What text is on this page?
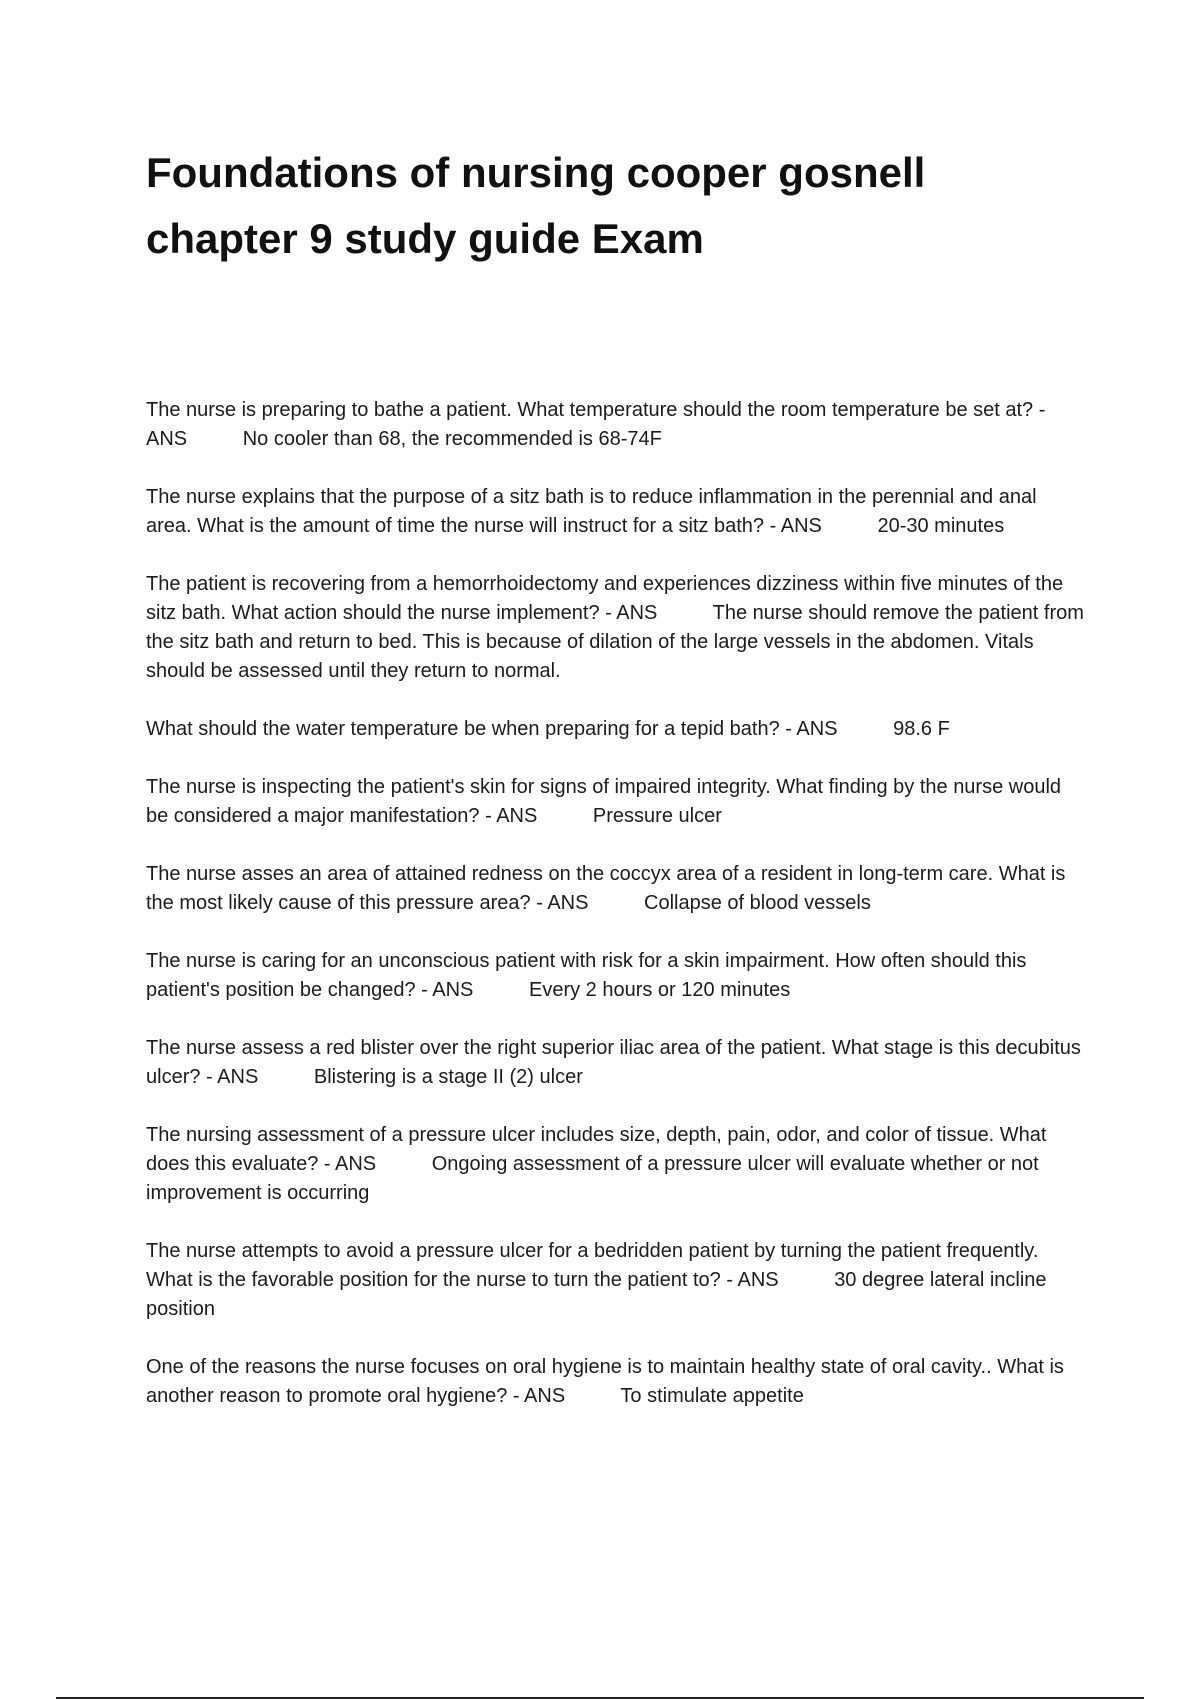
Foundations of nursing cooper gosnell chapter 9 study guide Exam

The nurse is preparing to bathe a patient. What temperature should the room temperature be set at? - ANS	No cooler than 68, the recommended is 68-74F

The nurse explains that the purpose of a sitz bath is to reduce inflammation in the perennial and anal area. What is the amount of time the nurse will instruct for a sitz bath? - ANS	20-30 minutes

The patient is recovering from a hemorrhoidectomy and experiences dizziness within five minutes of the sitz bath. What action should the nurse implement? - ANS	The nurse should remove the patient from the sitz bath and return to bed. This is because of dilation of the large vessels in the abdomen. Vitals should be assessed until they return to normal.

What should the water temperature be when preparing for a tepid bath? - ANS	98.6 F

The nurse is inspecting the patient's skin for signs of impaired integrity. What finding by the nurse would be considered a major manifestation? - ANS	Pressure ulcer

The nurse asses an area of attained redness on the coccyx area of a resident in long-term care. What is the most likely cause of this pressure area? - ANS	Collapse of blood vessels

The nurse is caring for an unconscious patient with risk for a skin impairment. How often should this patient's position be changed? - ANS	Every 2 hours or 120 minutes

The nurse assess a red blister over the right superior iliac area of the patient. What stage is this decubitus ulcer? - ANS	Blistering is a stage II (2) ulcer

The nursing assessment of a pressure ulcer includes size, depth, pain, odor, and color of tissue. What does this evaluate? - ANS	Ongoing assessment of a pressure ulcer will evaluate whether or not improvement is occurring

The nurse attempts to avoid a pressure ulcer for a bedridden patient by turning the patient frequently. What is the favorable position for the nurse to turn the patient to? - ANS	30 degree lateral incline position

One of the reasons the nurse focuses on oral hygiene is to maintain healthy state of oral cavity.. What is another reason to promote oral hygiene? - ANS	To stimulate appetite
